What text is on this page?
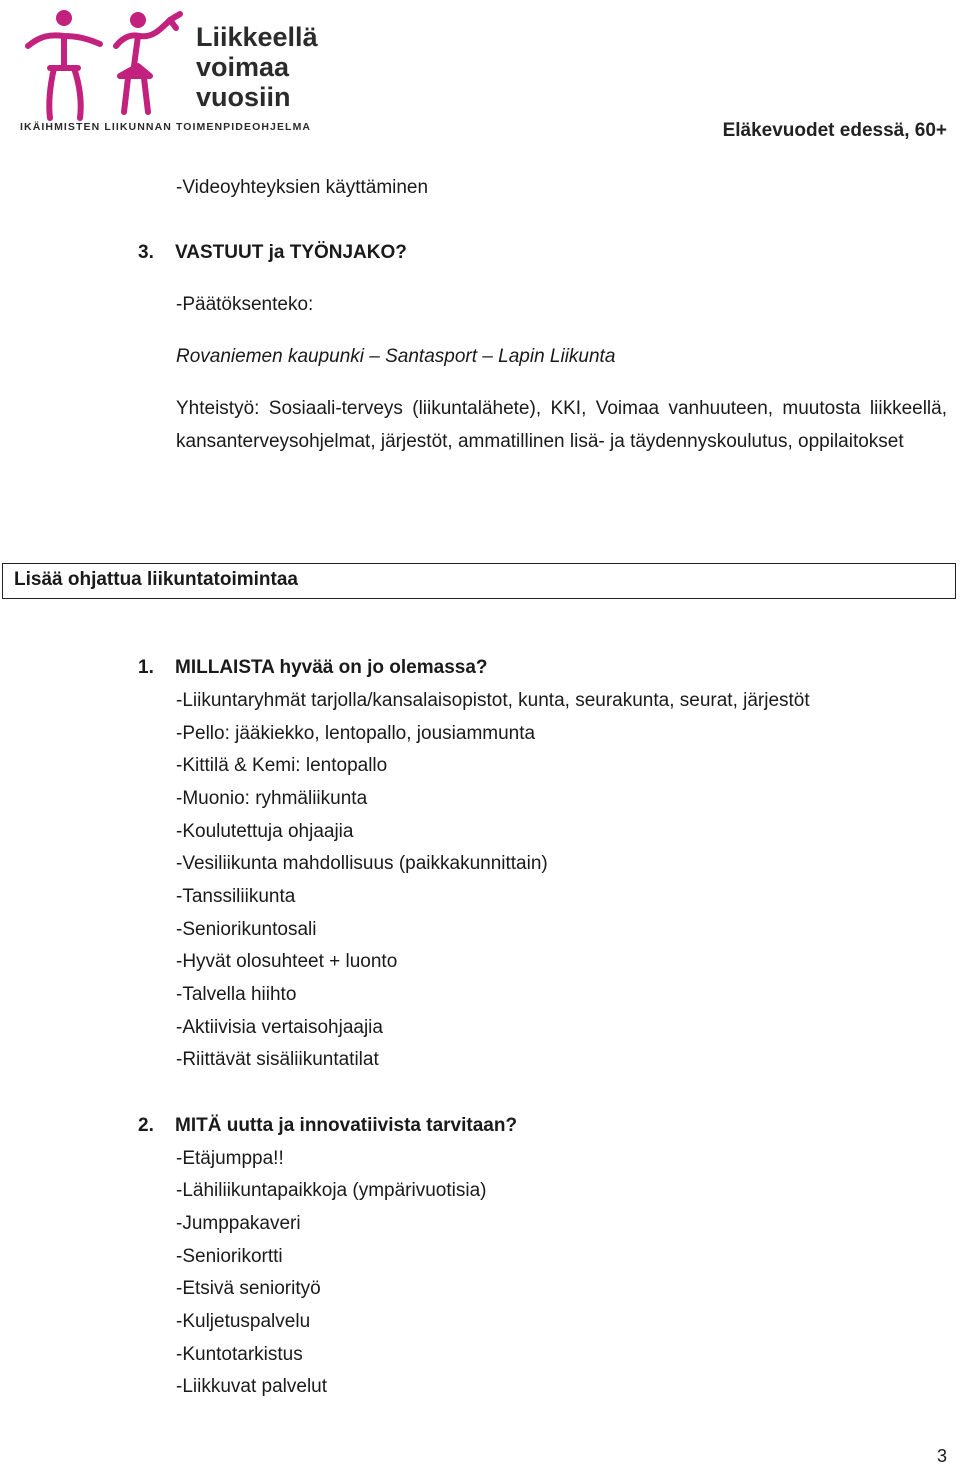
Liikkeellä
voimaa
vuosiin
IKÄIHMISTEN LIIKUNNAN TOIMENPIDEOHJELMA	Eläkevuodet edessä, 60+
-Videoyhteyksien käyttäminen
3. VASTUUT ja TYÖNJAKO?
-Päätöksenteko:
Rovaniemen kaupunki – Santasport – Lapin Liikunta
Yhteistyö: Sosiaali-terveys (liikuntalähete), KKI, Voimaa vanhuuteen, muutosta liikkeellä, kansanterveysohjelmat, järjestöt, ammatillinen lisä- ja täydennyskoulutus, oppilaitokset
Lisää ohjattua liikuntatoimintaa
1. MILLAISTA hyvää on jo olemassa?
-Liikuntaryhmät tarjolla/kansalaisopistot, kunta, seurakunta, seurat, järjestöt
-Pello: jääkiekko, lentopallo, jousiammunta
-Kittilä & Kemi: lentopallo
-Muonio: ryhmäliikunta
-Koulutettuja ohjaajia
-Vesiliikunta mahdollisuus (paikkakunnittain)
-Tanssiliikunta
-Seniorikuntosali
-Hyvät olosuhteet + luonto
-Talvella hiihto
-Aktiivisia vertaisohjaajia
-Riittävät sisäliikuntatilat
2. MITÄ uutta ja innovatiivista tarvitaan?
-Etäjumppa!!
-Lähiliikuntapaikkoja (ympärivuotisia)
-Jumppakaveri
-Seniorikortti
-Etsivä seniorityö
-Kuljetuspalvelu
-Kuntotarkistus
-Liikkuvat palvelut
3
